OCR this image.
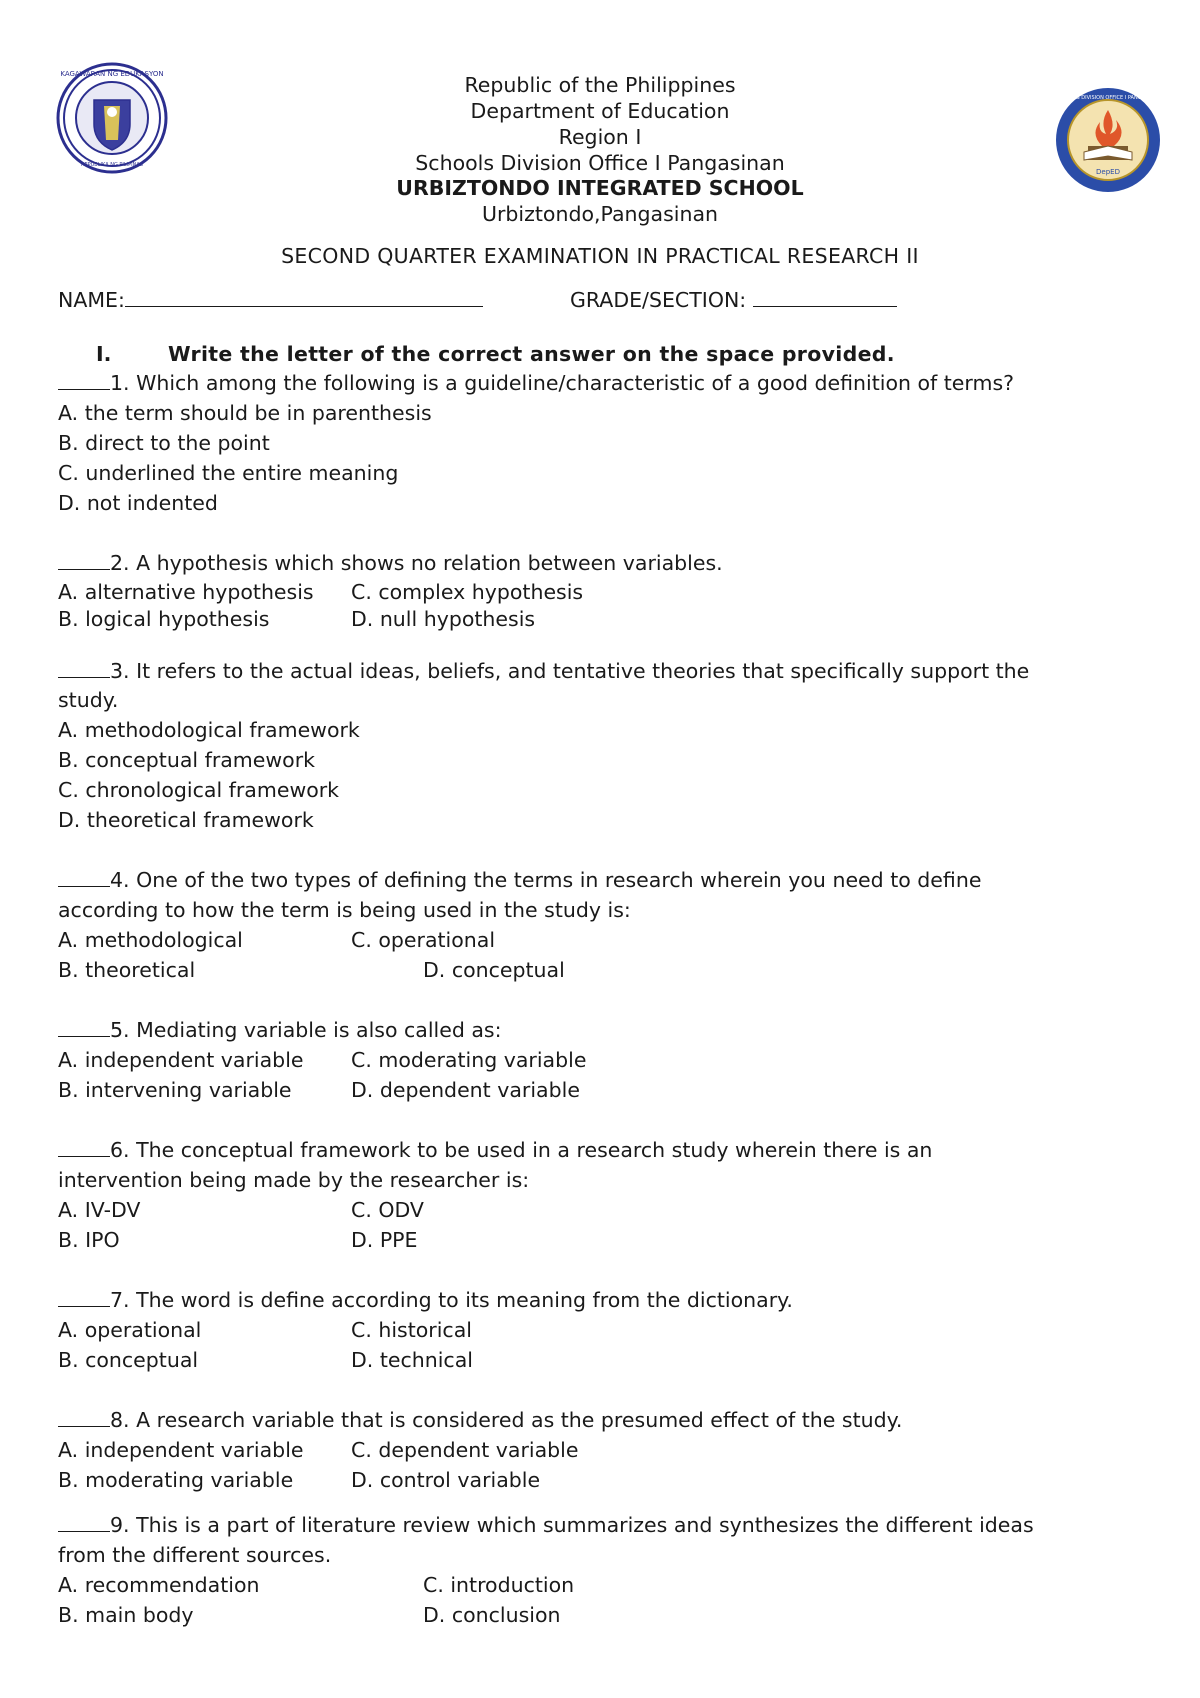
KAGAWARAN NG EDUKASYON
REPUBLIKA NG PILIPINAS
DepED
SCHOOLS DIVISION OFFICE I PANGASINAN
Republic of the Philippines
Department of Education
Region I
Schools Division Office I Pangasinan
URBIZTONDO INTEGRATED SCHOOL
Urbiztondo,Pangasinan
SECOND QUARTER EXAMINATION IN PRACTICAL RESEARCH II
NAME:	GRADE/SECTION:
I.	Write the letter of the correct answer on the space provided.
1. Which among the following is a guideline/characteristic of a good definition of terms?
A. the term should be in parenthesis
B. direct to the point
C. underlined the entire meaning
D. not indented
2. A hypothesis which shows no relation between variables.
A. alternative hypothesis C. complex hypothesis
B. logical hypothesis	D. null hypothesis
3. It refers to the actual ideas, beliefs, and tentative theories that specifically support the
study.
A. methodological framework
B. conceptual framework
C. chronological framework
D. theoretical framework
4. One of the two types of defining the terms in research wherein you need to define
according to how the term is being used in the study is:
A. methodological	C. operational
B. theoretical	D. conceptual
5. Mediating variable is also called as:
A. independent variable C. moderating variable
B. intervening variable	D. dependent variable
6. The conceptual framework to be used in a research study wherein there is an
intervention being made by the researcher is:
A. IV-DV	C. ODV
B. IPO	D. PPE
7. The word is define according to its meaning from the dictionary.
A. operational	C. historical
B. conceptual	D. technical
8. A research variable that is considered as the presumed effect of the study.
A. independent variable C. dependent variable
B. moderating variable	D. control variable
9. This is a part of literature review which summarizes and synthesizes the different ideas
from the different sources.
A. recommendation	C. introduction
B. main body	D. conclusion
